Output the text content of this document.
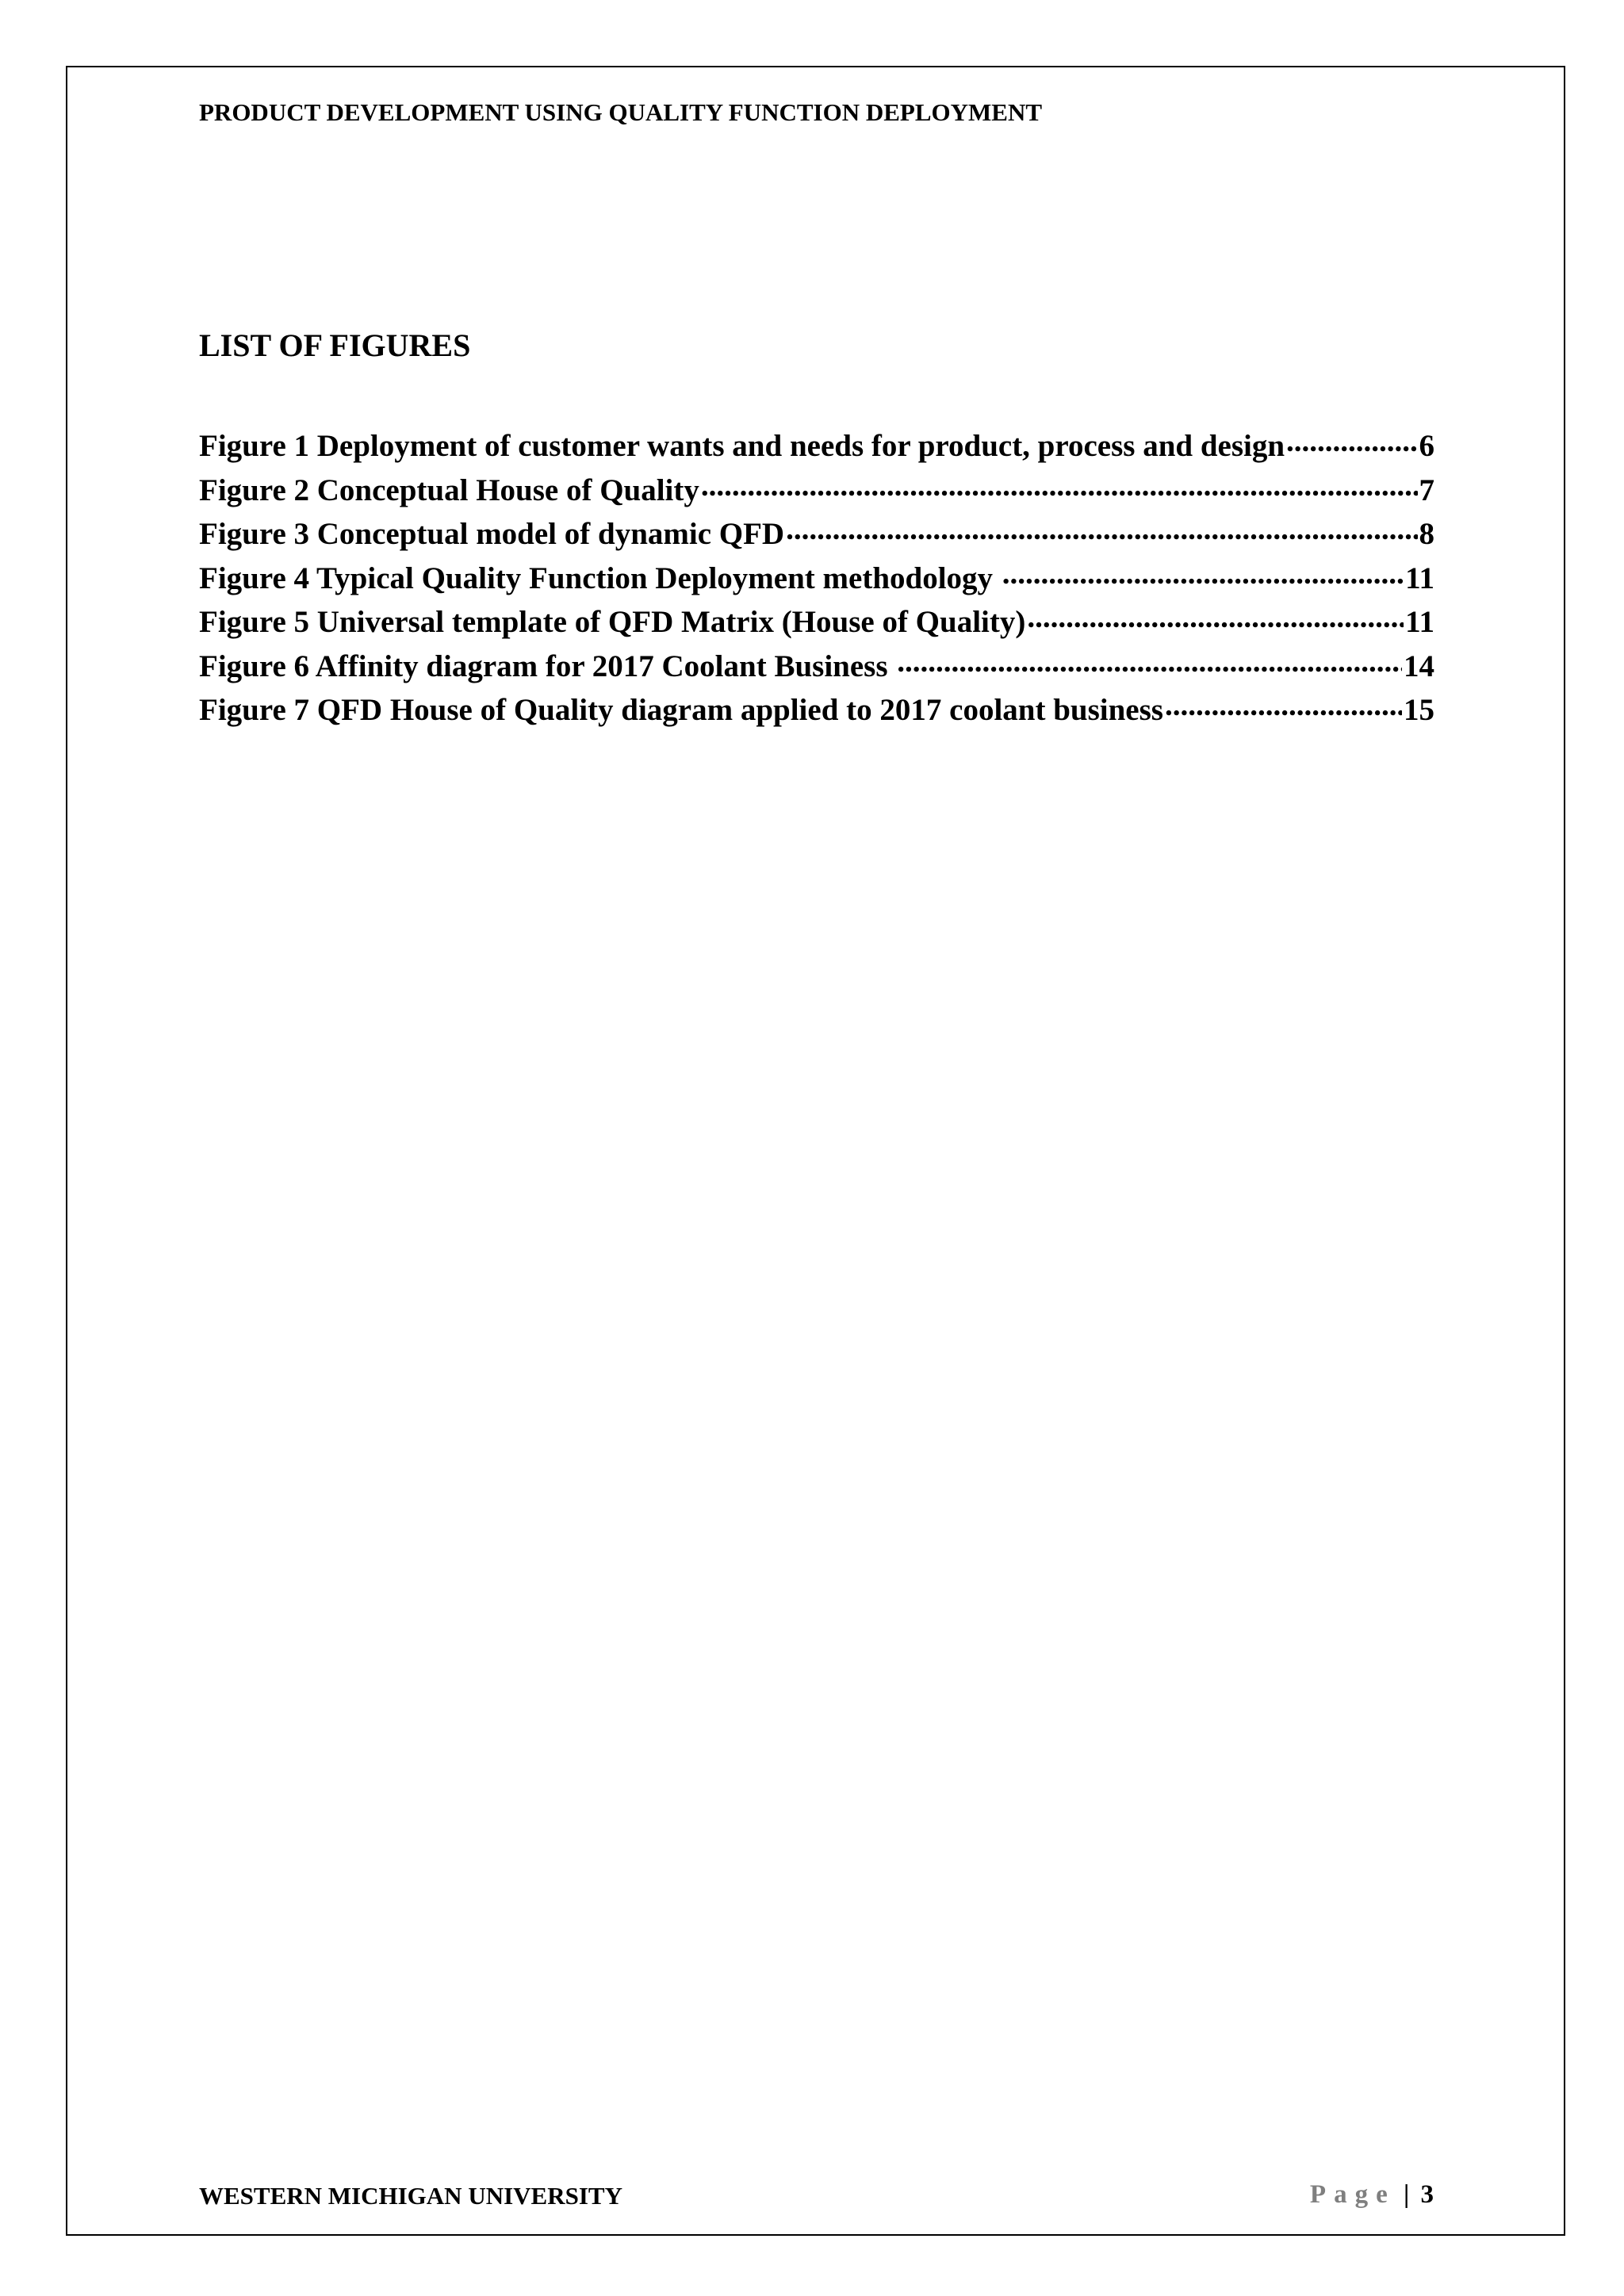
PRODUCT DEVELOPMENT USING QUALITY FUNCTION DEPLOYMENT
LIST OF FIGURES
Figure 1 Deployment of customer wants and needs for product, process and design .....	6
Figure 2 Conceptual House of Quality .....	7
Figure 3 Conceptual model of dynamic QFD .....	8
Figure 4 Typical Quality Function Deployment methodology .....	11
Figure 5 Universal template of QFD Matrix (House of Quality) .....	11
Figure 6 Affinity diagram for 2017 Coolant Business .....	14
Figure 7 QFD House of Quality diagram applied to 2017 coolant business .....	15
WESTERN MICHIGAN UNIVERSITY	Page | 3
